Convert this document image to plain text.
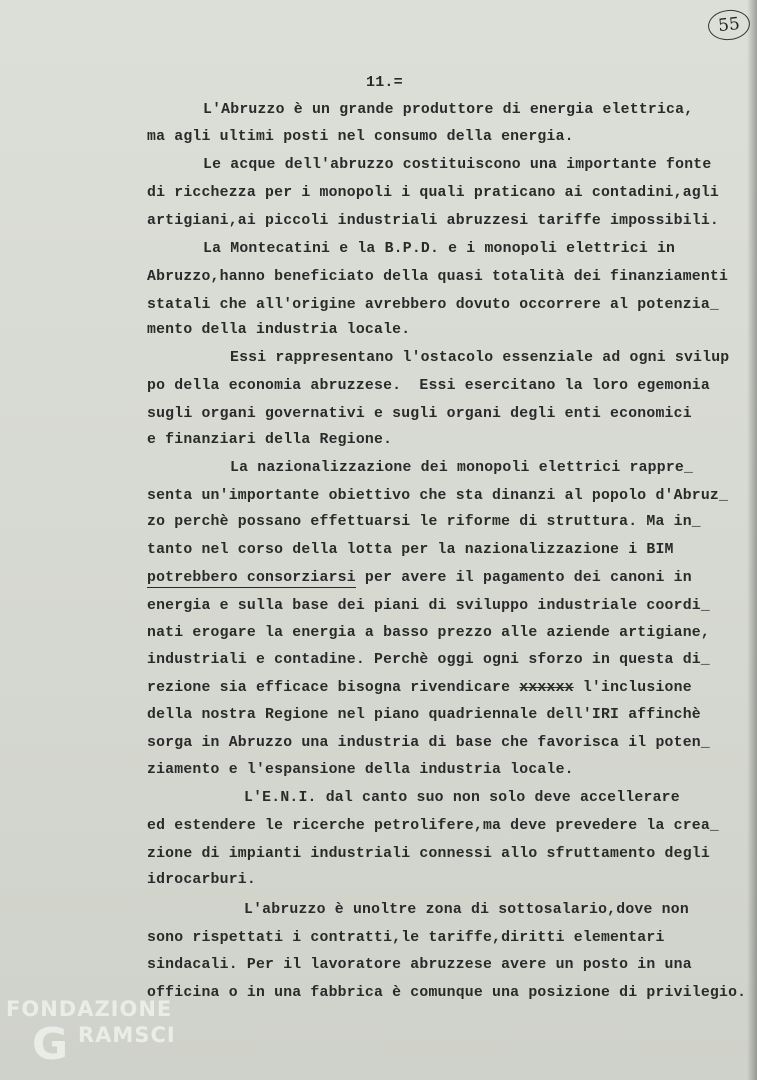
55
11.=
L'Abruzzo è un grande produttore di energia elettrica,
ma agli ultimi posti nel consumo della energia.
Le acque dell'abruzzo costituiscono una importante fonte
di ricchezza per i monopoli i quali praticano ai contadini,agli
artigiani,ai piccoli industriali abruzzesi tariffe impossibili.
La Montecatini e la B.P.D. e i monopoli elettrici in
Abruzzo,hanno beneficiato della quasi totalità dei finanziamenti
statali che all'origine avrebbero dovuto occorrere al potenzia_
mento della industria locale.
Essi rappresentano l'ostacolo essenziale ad ogni svilup
po della economia abruzzese.  Essi esercitano la loro egemonia
sugli organi governativi e sugli organi degli enti economici
e finanziari della Regione.
La nazionalizzazione dei monopoli elettrici rappre_
senta un'importante obiettivo che sta dinanzi al popolo d'Abruz_
zo perchè possano effettuarsi le riforme di struttura. Ma in_
tanto nel corso della lotta per la nazionalizzazione i BIM
potrebbero consorziarsi per avere il pagamento dei canoni in
energia e sulla base dei piani di sviluppo industriale coordi_
nati erogare la energia a basso prezzo alle aziende artigiane,
industriali e contadine. Perchè oggi ogni sforzo in questa di_
rezione sia efficace bisogna rivendicare xxxxxx l'inclusione
della nostra Regione nel piano quadriennale dell'IRI affinchè
sorga in Abruzzo una industria di base che favorisca il poten_
ziamento e l'espansione della industria locale.
L'E.N.I. dal canto suo non solo deve accellerare
ed estendere le ricerche petrolifere,ma deve prevedere la crea_
zione di impianti industriali connessi allo sfruttamento degli
idrocarburi.
L'abruzzo è unoltre zona di sottosalario,dove non
sono rispettati i contratti,le tariffe,diritti elementari
sindacali. Per il lavoratore abruzzese avere un posto in una
officina o in una fabbrica è comunque una posizione di privilegio.
FONDAZIONE
G RAMSCI
